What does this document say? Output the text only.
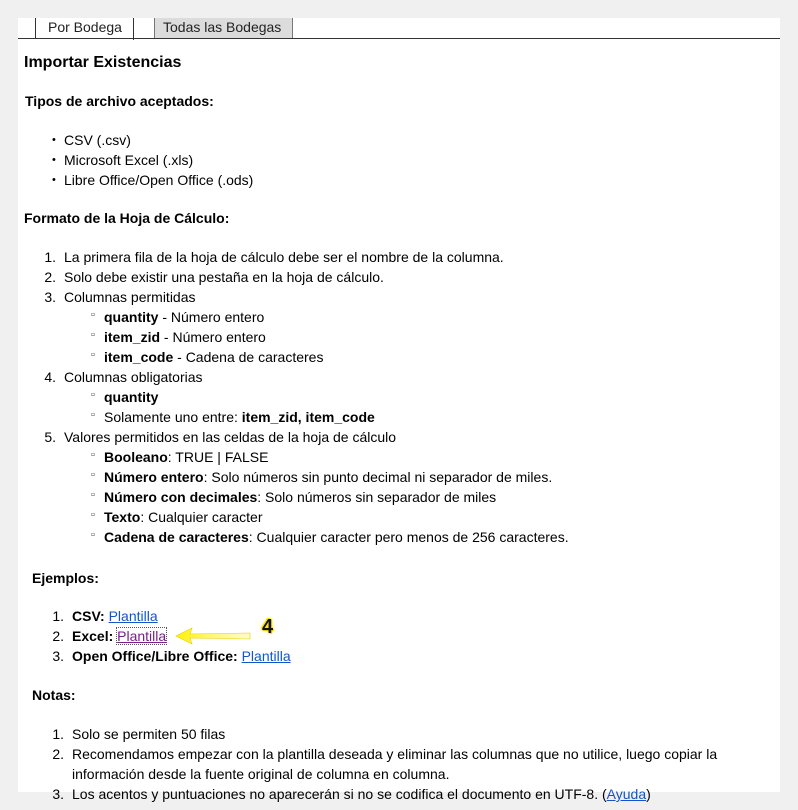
Por Bodega	Todas las Bodegas
Importar Existencias
Tipos de archivo aceptados:
• CSV (.csv)
• Microsoft Excel (.xls)
• Libre Office/Open Office (.ods)
Formato de la Hoja de Cálculo:
1. La primera fila de la hoja de cálculo debe ser el nombre de la columna.
2. Solo debe existir una pestaña en la hoja de cálculo.
3. Columnas permitidas
▫ quantity - Número entero
▫ item_zid - Número entero
▫ item_code - Cadena de caracteres
4. Columnas obligatorias
▫ quantity
▫ Solamente uno entre: item_zid, item_code
5. Valores permitidos en las celdas de la hoja de cálculo
▫ Booleano: TRUE | FALSE
▫ Número entero: Solo números sin punto decimal ni separador de miles.
▫ Número con decimales: Solo números sin separador de miles
▫ Texto: Cualquier caracter
▫ Cadena de caracteres: Cualquier caracter pero menos de 256 caracteres.
Ejemplos:
1. CSV: Plantilla
2. Excel: Plantilla
3. Open Office/Libre Office: Plantilla
4
Notas:
1. Solo se permiten 50 filas
2. Recomendamos empezar con la plantilla deseada y eliminar las columnas que no utilice, luego copiar la
información desde la fuente original de columna en columna.
3. Los acentos y puntuaciones no aparecerán si no se codifica el documento en UTF-8. (Ayuda)
